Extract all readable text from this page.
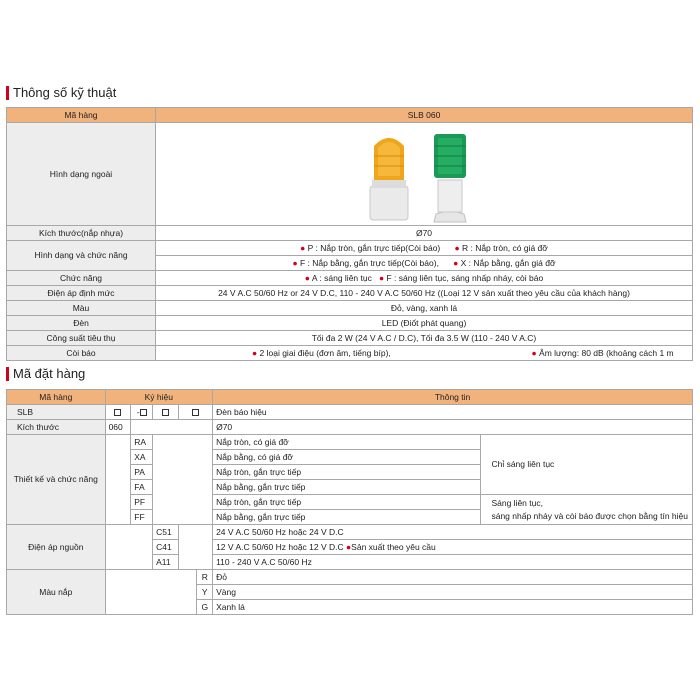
Thông số kỹ thuật
Mã hàng	SLB 060
Hình dạng ngoài	
Kích thước(nắp nhựa)	Ø70
Hình dạng và chức năng	● P : Nắp tròn, gắn trực tiếp(Còi báo) ● R : Nắp tròn, có giá đỡ
	● F : Nắp bằng, gắn trực tiếp(Còi báo), ● X : Nắp bằng, gắn giá đỡ
Chức năng	● A : sáng liên tục ● F : sáng liên tục, sáng nhấp nháy, còi báo
Điện áp định mức	24 V A.C 50/60 Hz or 24 V D.C, 110 - 240 V A.C 50/60 Hz ((Loại 12 V sản xuất theo yêu cầu của khách hàng)
Màu	Đỏ, vàng, xanh lá
Đèn	LED (Điốt phát quang)
Công suất tiêu thụ	Tối đa 2 W (24 V A.C / D.C), Tối đa 3.5 W (110 - 240 V A.C)
Còi báo	● 2 loại giai điệu (đơn âm, tiếng bíp), ● Âm lượng: 80 dB (khoảng cách 1 m
Mã đặt hàng
Mã hàng	Ký hiệu					Thông tin	
SLB		-				Đèn báo hiệu	
Kích thước	060					Ø70	
Thiết kế và chức năng		RA				Nắp tròn, có giá đỡ	Chỉ sáng liên tục
		XA				Nắp bằng, có giá đỡ	
		PA				Nắp tròn, gắn trực tiếp	
		FA				Nắp bằng, gắn trực tiếp	
		PF				Nắp tròn, gắn trực tiếp	Sáng liên tục,
sáng nhấp nháy và còi báo được chọn bằng tín hiệu

		FF				Nắp bằng, gắn trực tiếp	
Điện áp nguồn			C51			24 V A.C 50/60 Hz hoặc 24 V D.C	
			C41			12 V A.C 50/60 Hz hoặc 12 V D.C ●Sản xuất theo yêu cầu	
			A11			110 - 240 V A.C 50/60 Hz	
Màu nắp					R	Đỏ	
					Y	Vàng	
					G	Xanh lá	
